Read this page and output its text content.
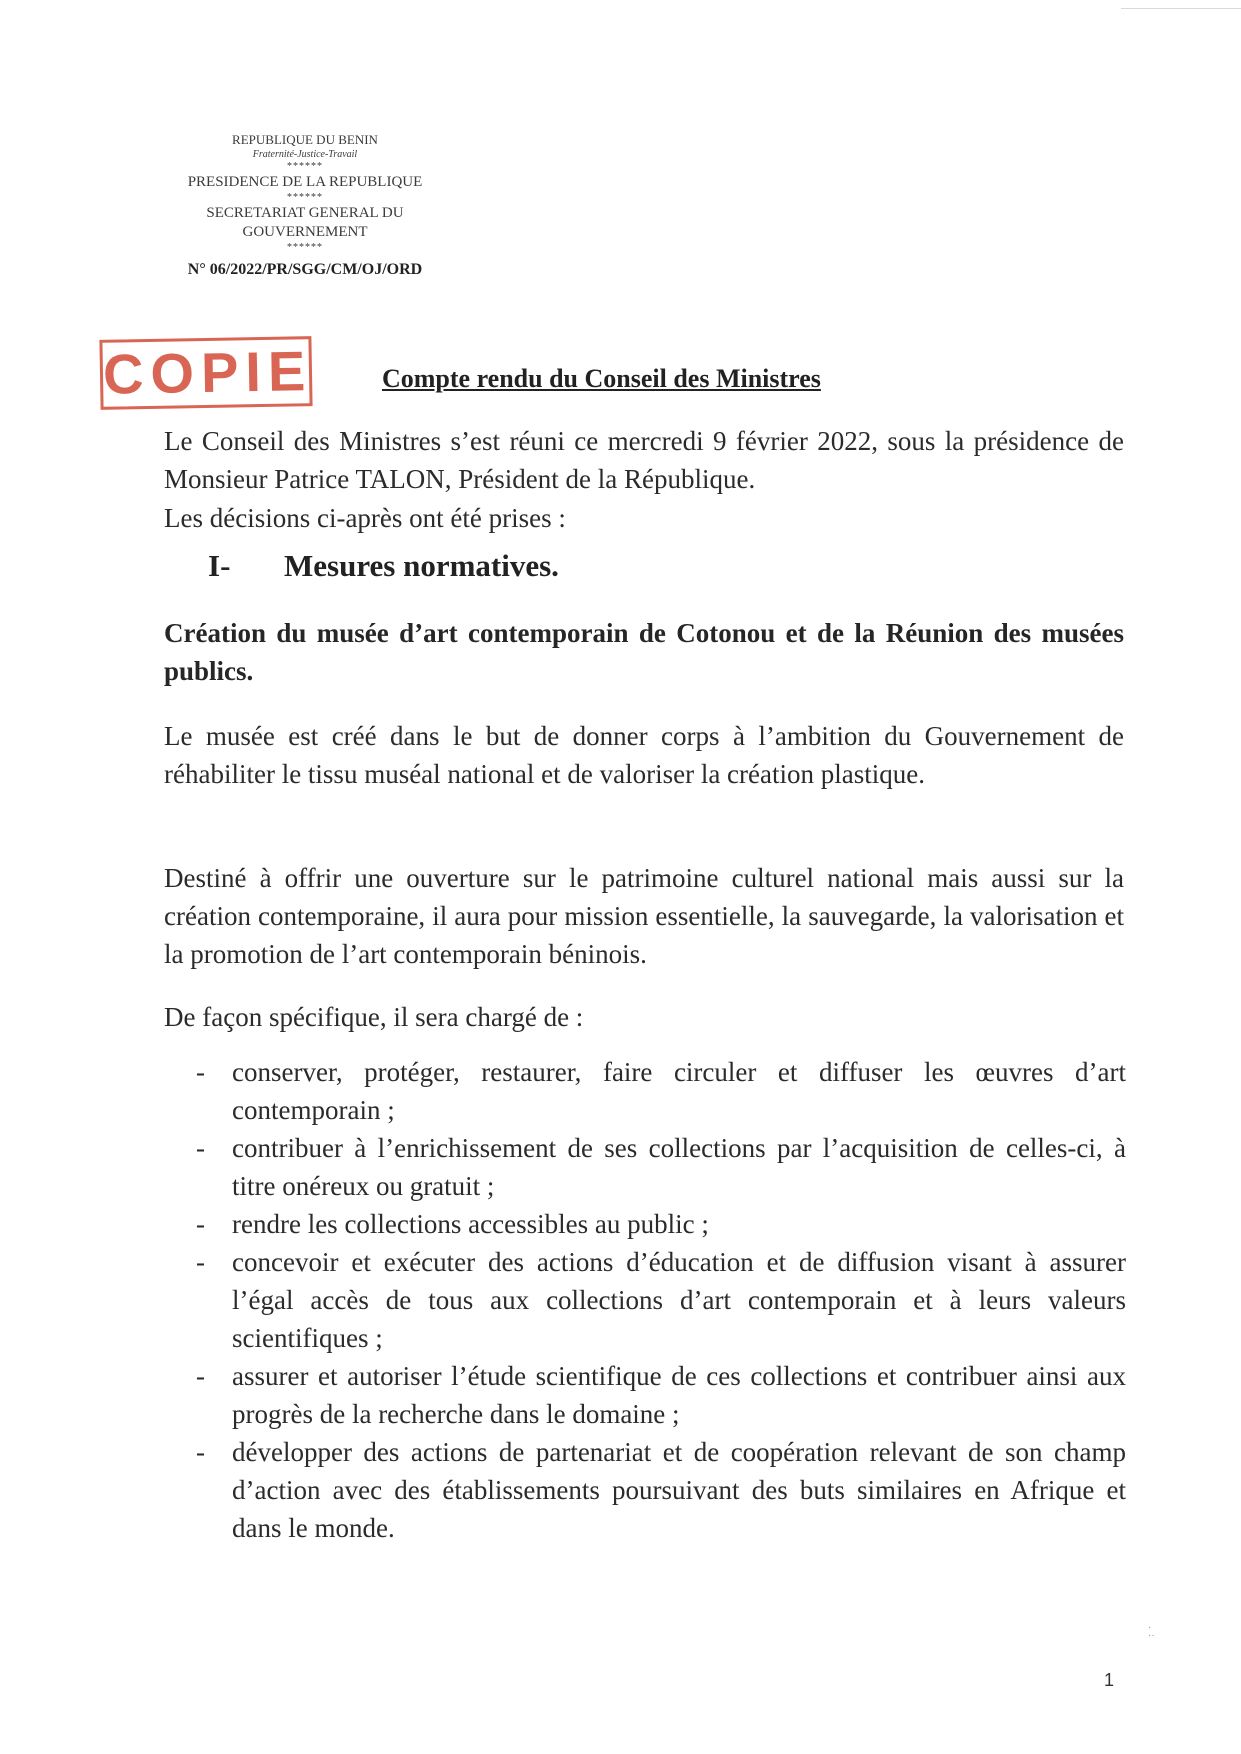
REPUBLIQUE DU BENIN
Fraternité-Justice-Travail
******
PRESIDENCE DE LA REPUBLIQUE
******
SECRETARIAT GENERAL DU
GOUVERNEMENT
******
N° 06/2022/PR/SGG/CM/OJ/ORD
COPIE	Compte rendu du Conseil des Ministres

Le Conseil des Ministres s’est réuni ce mercredi 9 février 2022, sous la présidence de Monsieur Patrice TALON, Président de la République.

Les décisions ci-après ont été prises :

I- Mesures normatives.

Création du musée d’art contemporain de Cotonou et de la Réunion des musées publics.

Le musée est créé dans le but de donner corps à l’ambition du Gouvernement de réhabiliter le tissu muséal national et de valoriser la création plastique.

Destiné à offrir une ouverture sur le patrimoine culturel national mais aussi sur la création contemporaine, il aura pour mission essentielle, la sauvegarde, la valorisation et la promotion de l’art contemporain béninois.

De façon spécifique, il sera chargé de :

- conserver, protéger, restaurer, faire circuler et diffuser les œuvres d’art contemporain ;
- contribuer à l’enrichissement de ses collections par l’acquisition de celles-ci, à titre onéreux ou gratuit ;
- rendre les collections accessibles au public ;
- concevoir et exécuter des actions d’éducation et de diffusion visant à assurer l’égal accès de tous aux collections d’art contemporain et à leurs valeurs scientifiques ;
- assurer et autoriser l’étude scientifique de ces collections et contribuer ainsi aux progrès de la recherche dans le domaine ;
- développer des actions de partenariat et de coopération relevant de son champ d’action avec des établissements poursuivant des buts similaires en Afrique et dans le monde.
·
··
1
